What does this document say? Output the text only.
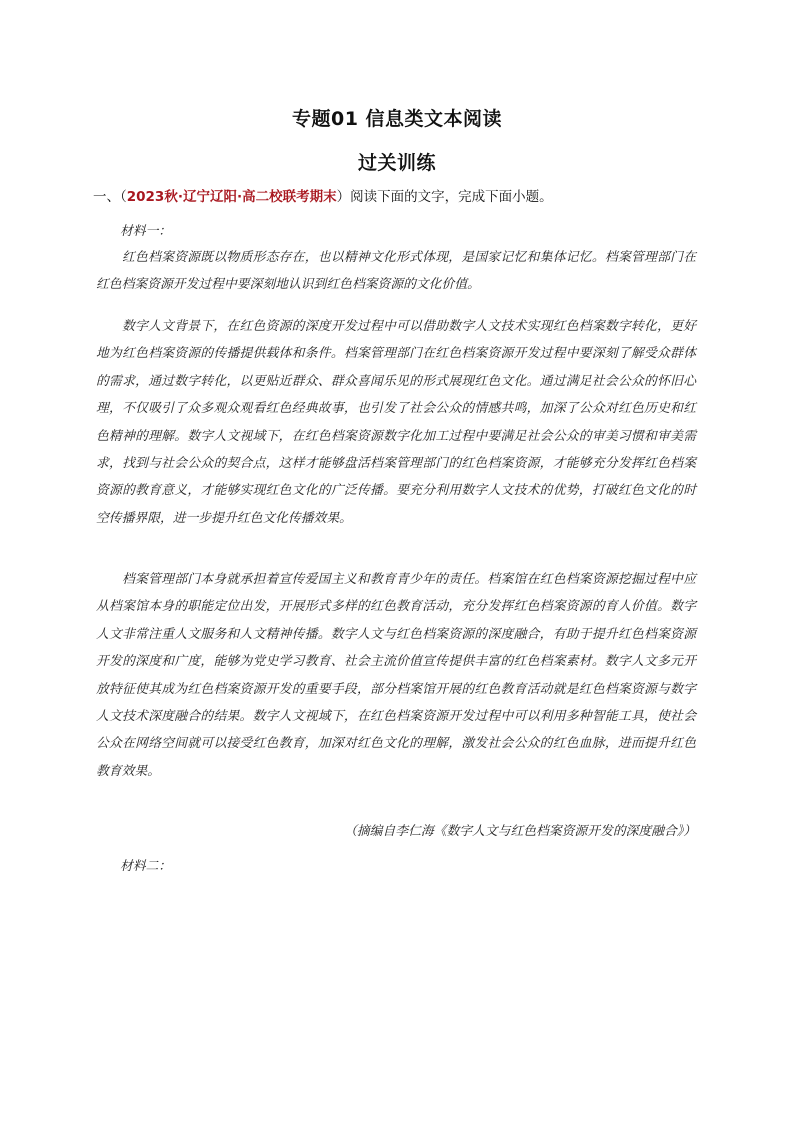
专题01 信息类文本阅读
过关训练
一、（2023秋·辽宁辽阳·高二校联考期末）阅读下面的文字，完成下面小题。
材料一：
红色档案资源既以物质形态存在，也以精神文化形式体现，是国家记忆和集体记忆。档案管理部门在红色档案资源开发过程中要深刻地认识到红色档案资源的文化价值。
数字人文背景下，在红色资源的深度开发过程中可以借助数字人文技术实现红色档案数字转化，更好地为红色档案资源的传播提供载体和条件。档案管理部门在红色档案资源开发过程中要深刻了解受众群体的需求，通过数字转化，以更贴近群众、群众喜闻乐见的形式展现红色文化。通过满足社会公众的怀旧心理，不仅吸引了众多观众观看红色经典故事，也引发了社会公众的情感共鸣，加深了公众对红色历史和红色精神的理解。数字人文视域下，在红色档案资源数字化加工过程中要满足社会公众的审美习惯和审美需求，找到与社会公众的契合点，这样才能够盘活档案管理部门的红色档案资源，才能够充分发挥红色档案资源的教育意义，才能够实现红色文化的广泛传播。要充分利用数字人文技术的优势，打破红色文化的时空传播界限，进一步提升红色文化传播效果。
档案管理部门本身就承担着宣传爱国主义和教育青少年的责任。档案馆在红色档案资源挖掘过程中应从档案馆本身的职能定位出发，开展形式多样的红色教育活动，充分发挥红色档案资源的育人价值。数字人文非常注重人文服务和人文精神传播。数字人文与红色档案资源的深度融合，有助于提升红色档案资源开发的深度和广度，能够为党史学习教育、社会主流价值宣传提供丰富的红色档案素材。数字人文多元开放特征使其成为红色档案资源开发的重要手段，部分档案馆开展的红色教育活动就是红色档案资源与数字人文技术深度融合的结果。数字人文视域下，在红色档案资源开发过程中可以利用多种智能工具，使社会公众在网络空间就可以接受红色教育，加深对红色文化的理解，激发社会公众的红色血脉，进而提升红色教育效果。
（摘编自李仁海《数字人文与红色档案资源开发的深度融合》）
材料二：
